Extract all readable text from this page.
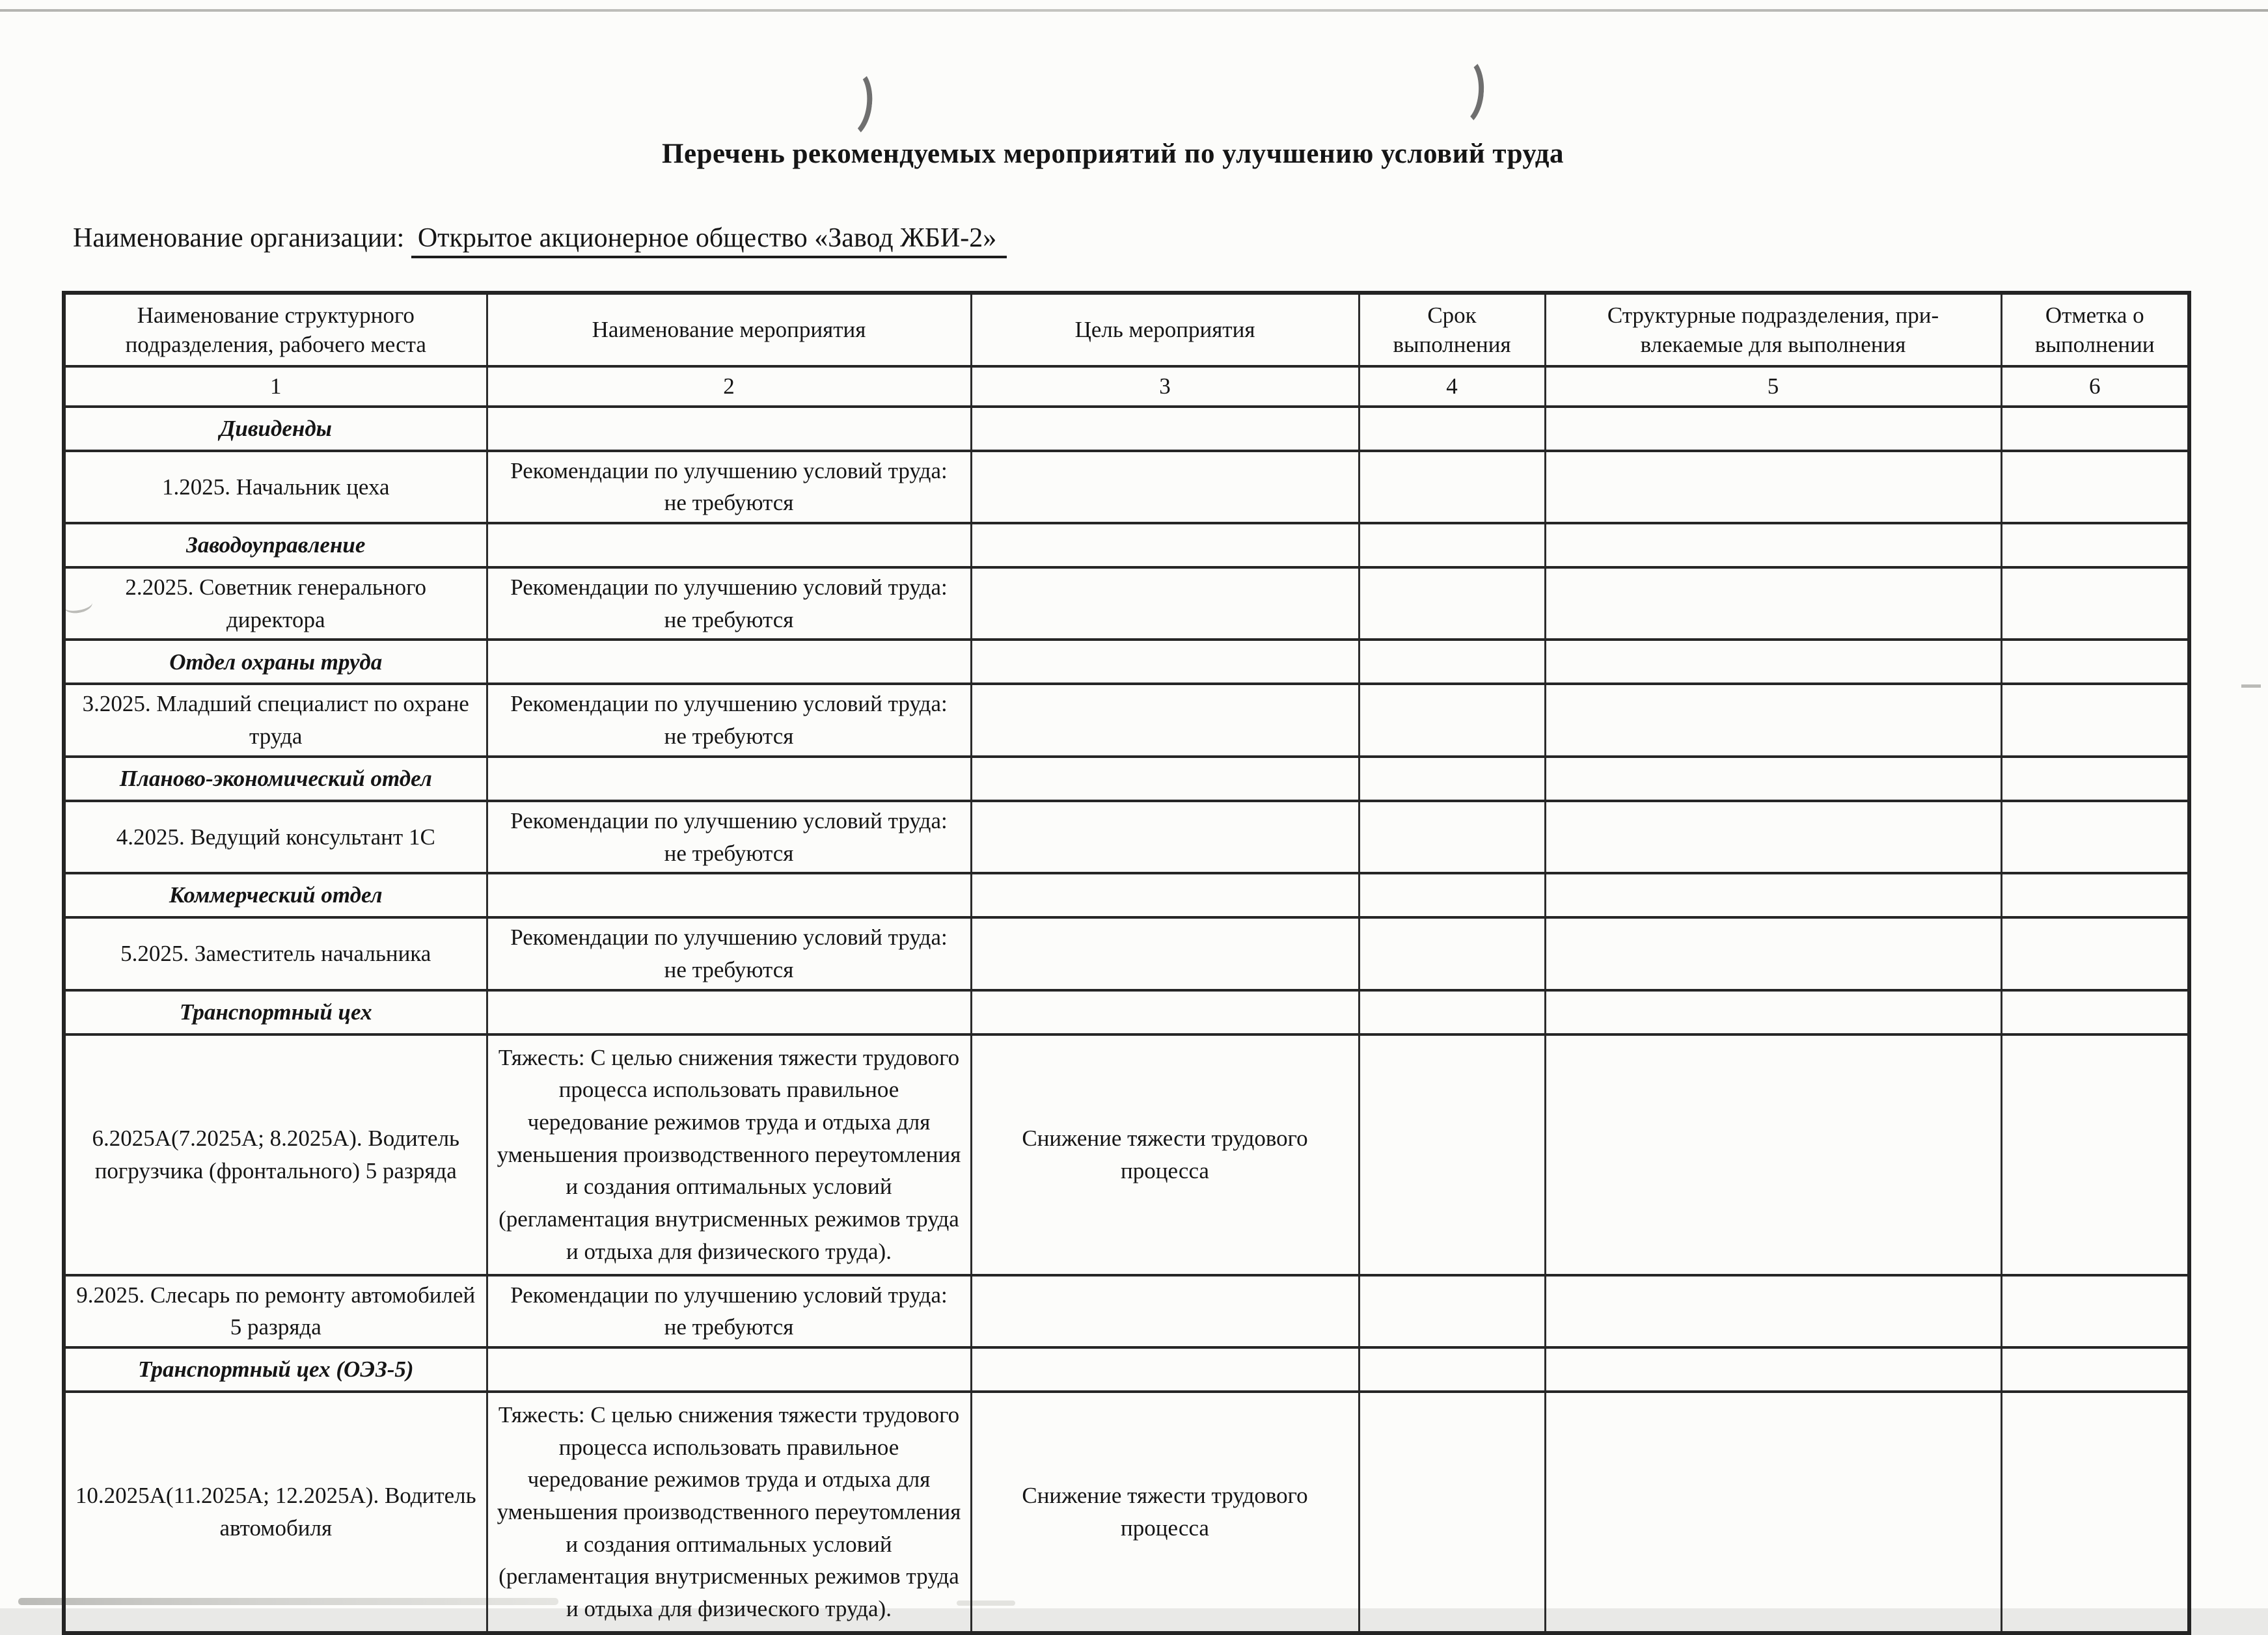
Перечень рекомендуемых мероприятий по улучшению условий труда
Наименование организации: Открытое акционерное общество «Завод ЖБИ-2»
Наименование структурного подразделения, рабочего места	Наименование мероприятия	Цель мероприятия	Срок выполнения	Структурные подразделения, при- влекаемые для выполнения	Отметка о выполнении
1	2	3	4	5	6
Дивиденды					
1.2025. Начальник цеха	Рекомендации по улучшению условий труда: не требуются				
Заводоуправление					
2.2025. Советник генерального директора	Рекомендации по улучшению условий труда: не требуются				
Отдел охраны труда					
3.2025. Младший специалист по охране труда	Рекомендации по улучшению условий труда: не требуются				
Планово-экономический отдел					
4.2025. Ведущий консультант 1С	Рекомендации по улучшению условий труда: не требуются				
Коммерческий отдел					
5.2025. Заместитель начальника	Рекомендации по улучшению условий труда: не требуются				
Транспортный цех					
6.2025А(7.2025А; 8.2025А). Водитель погрузчика (фронтального) 5 разряда	Тяжесть: С целью снижения тяжести трудового процесса использовать правильное чередование режимов труда и отдыха для уменьшения производственного переутомления и создания оптимальных условий (регламентация внутрисменных режимов труда и отдыха для физического труда).	Снижение тяжести трудового процесса			
9.2025. Слесарь по ремонту автомобилей 5 разряда	Рекомендации по улучшению условий труда: не требуются				
Транспортный цех (ОЭЗ-5)					
10.2025А(11.2025А; 12.2025А). Водитель автомобиля	Тяжесть: С целью снижения тяжести трудового процесса использовать правильное чередование режимов труда и отдыха для уменьшения производственного переутомления и создания оптимальных условий (регламентация внутрисменных режимов труда и отдыха для физического труда).	Снижение тяжести трудового процесса			
